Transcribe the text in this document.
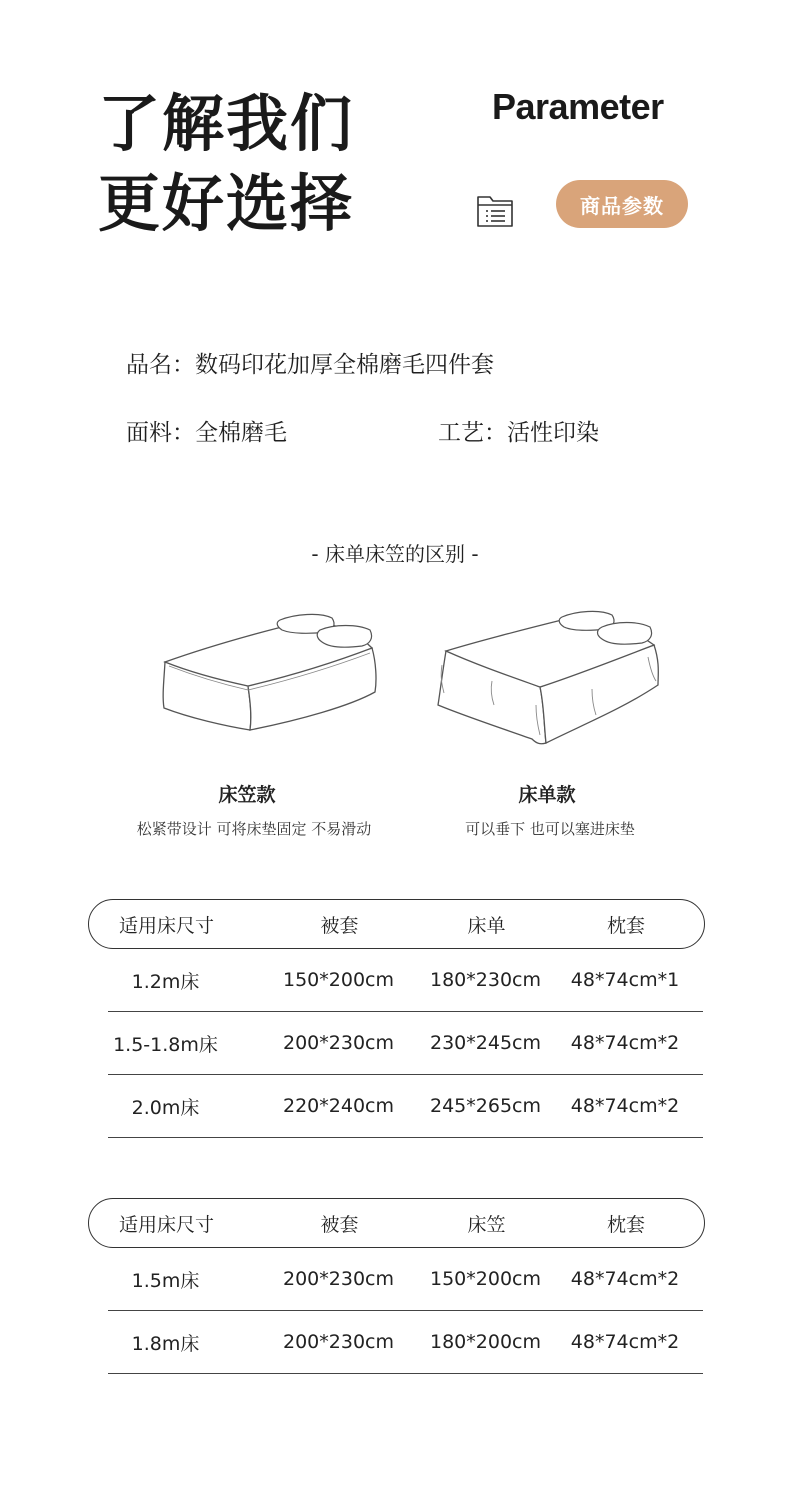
了解我们
更好选择
Parameter
商品参数
品名：数码印花加厚全棉磨毛四件套
面料：全棉磨毛	工艺：活性印染
- 床单床笠的区别 -
床笠款
松紧带设计 可将床垫固定 不易滑动
床单款
可以垂下 也可以塞进床垫
适用床尺寸	被套	床单	枕套
1.2m床	150*200cm	180*230cm	48*74cm*1
1.5-1.8m床	200*230cm	230*245cm	48*74cm*2
2.0m床	220*240cm	245*265cm	48*74cm*2
适用床尺寸	被套	床笠	枕套
1.5m床	200*230cm	150*200cm	48*74cm*2
1.8m床	200*230cm	180*200cm	48*74cm*2
